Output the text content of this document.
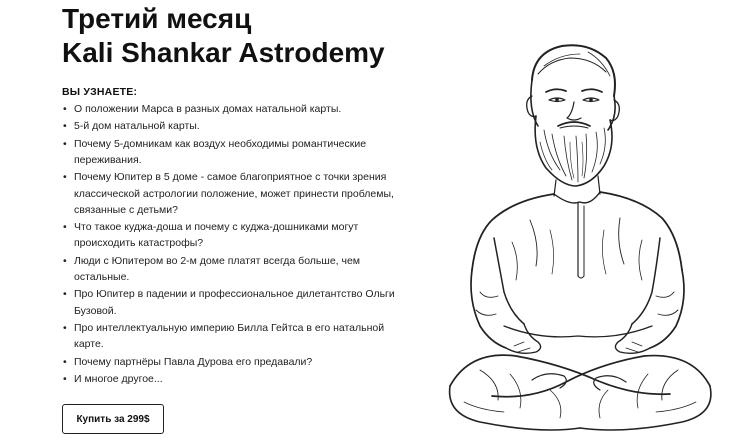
Третий месяц
Kali Shankar Astrodemy
ВЫ УЗНАЕТЕ:
• О положении Марса в разных домах натальной карты.
• 5-й дом натальной карты.
• Почему 5-домникам как воздух необходимы романтические переживания.
• Почему Юпитер в 5 доме - самое благоприятное с точки зрения классической астрологии положение, может принести проблемы, связанные с детьми?
• Что такое куджа-доша и почему с куджа-дошниками могут происходить катастрофы?
• Люди с Юпитером во 2-м доме платят всегда больше, чем остальные.
• Про Юпитер в падении и профессиональное дилетантство Ольги Бузовой.
• Про интеллектуальную империю Билла Гейтса в его натальной карте.
• Почему партнёры Павла Дурова его предавали?
• И многое другое...
Купить за 299$
